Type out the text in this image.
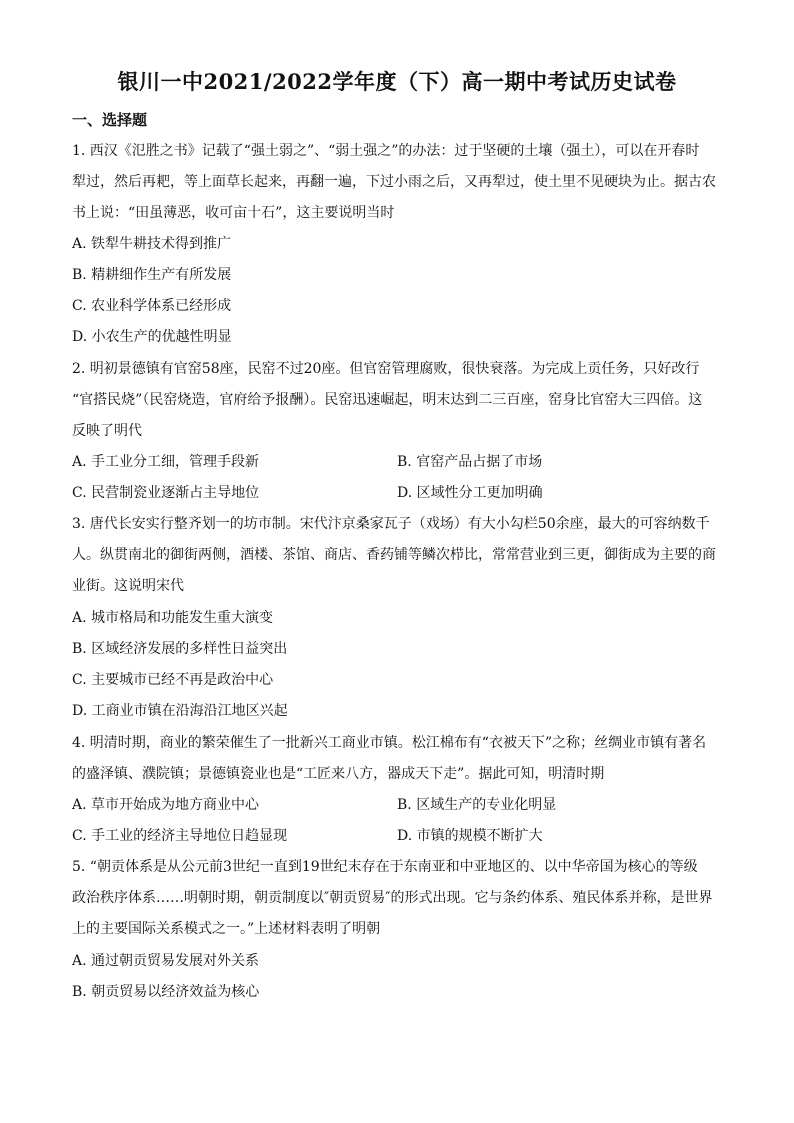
银川一中2021/2022学年度（下）高一期中考试历史试卷
一、选择题
1. 西汉《氾胜之书》记载了“强土弱之”、“弱土强之”的办法：过于坚硬的土壤（强土），可以在开春时
犁过，然后再耙，等上面草长起来，再翻一遍，下过小雨之后，又再犁过，使土里不见硬块为止。据古农
书上说：“田虽薄恶，收可亩十石”，这主要说明当时
A. 铁犁牛耕技术得到推广
B. 精耕细作生产有所发展
C. 农业科学体系已经形成
D. 小农生产的优越性明显
2. 明初景德镇有官窑58座，民窑不过20座。但官窑管理腐败，很快衰落。为完成上贡任务，只好改行
“官搭民烧”（民窑烧造，官府给予报酬）。民窑迅速崛起，明末达到二三百座，窑身比官窑大三四倍。这
反映了明代
A. 手工业分工细，管理手段新	B. 官窑产品占据了市场
C. 民营制瓷业逐渐占主导地位	D. 区域性分工更加明确
3. 唐代长安实行整齐划一的坊市制。宋代汴京桑家瓦子（戏场）有大小勾栏50余座，最大的可容纳数千
人。纵贯南北的御街两侧，酒楼、茶馆、商店、香药铺等鳞次栉比，常常营业到三更，御街成为主要的商
业街。这说明宋代
A. 城市格局和功能发生重大演变
B. 区域经济发展的多样性日益突出
C. 主要城市已经不再是政治中心
D. 工商业市镇在沿海沿江地区兴起
4. 明清时期，商业的繁荣催生了一批新兴工商业市镇。松江棉布有“衣被天下”之称；丝绸业市镇有著名
的盛泽镇、濮院镇；景德镇瓷业也是“工匠来八方，器成天下走”。据此可知，明清时期
A. 草市开始成为地方商业中心	B. 区域生产的专业化明显
C. 手工业的经济主导地位日趋显现	D. 市镇的规模不断扩大
5. “朝贡体系是从公元前3世纪一直到19世纪末存在于东南亚和中亚地区的、以中华帝国为核心的等级
政治秩序体系……明朝时期，朝贡制度以″朝贡贸易″的形式出现。它与条约体系、殖民体系并称，是世界
上的主要国际关系模式之一。”上述材料表明了明朝
A. 通过朝贡贸易发展对外关系
B. 朝贡贸易以经济效益为核心
